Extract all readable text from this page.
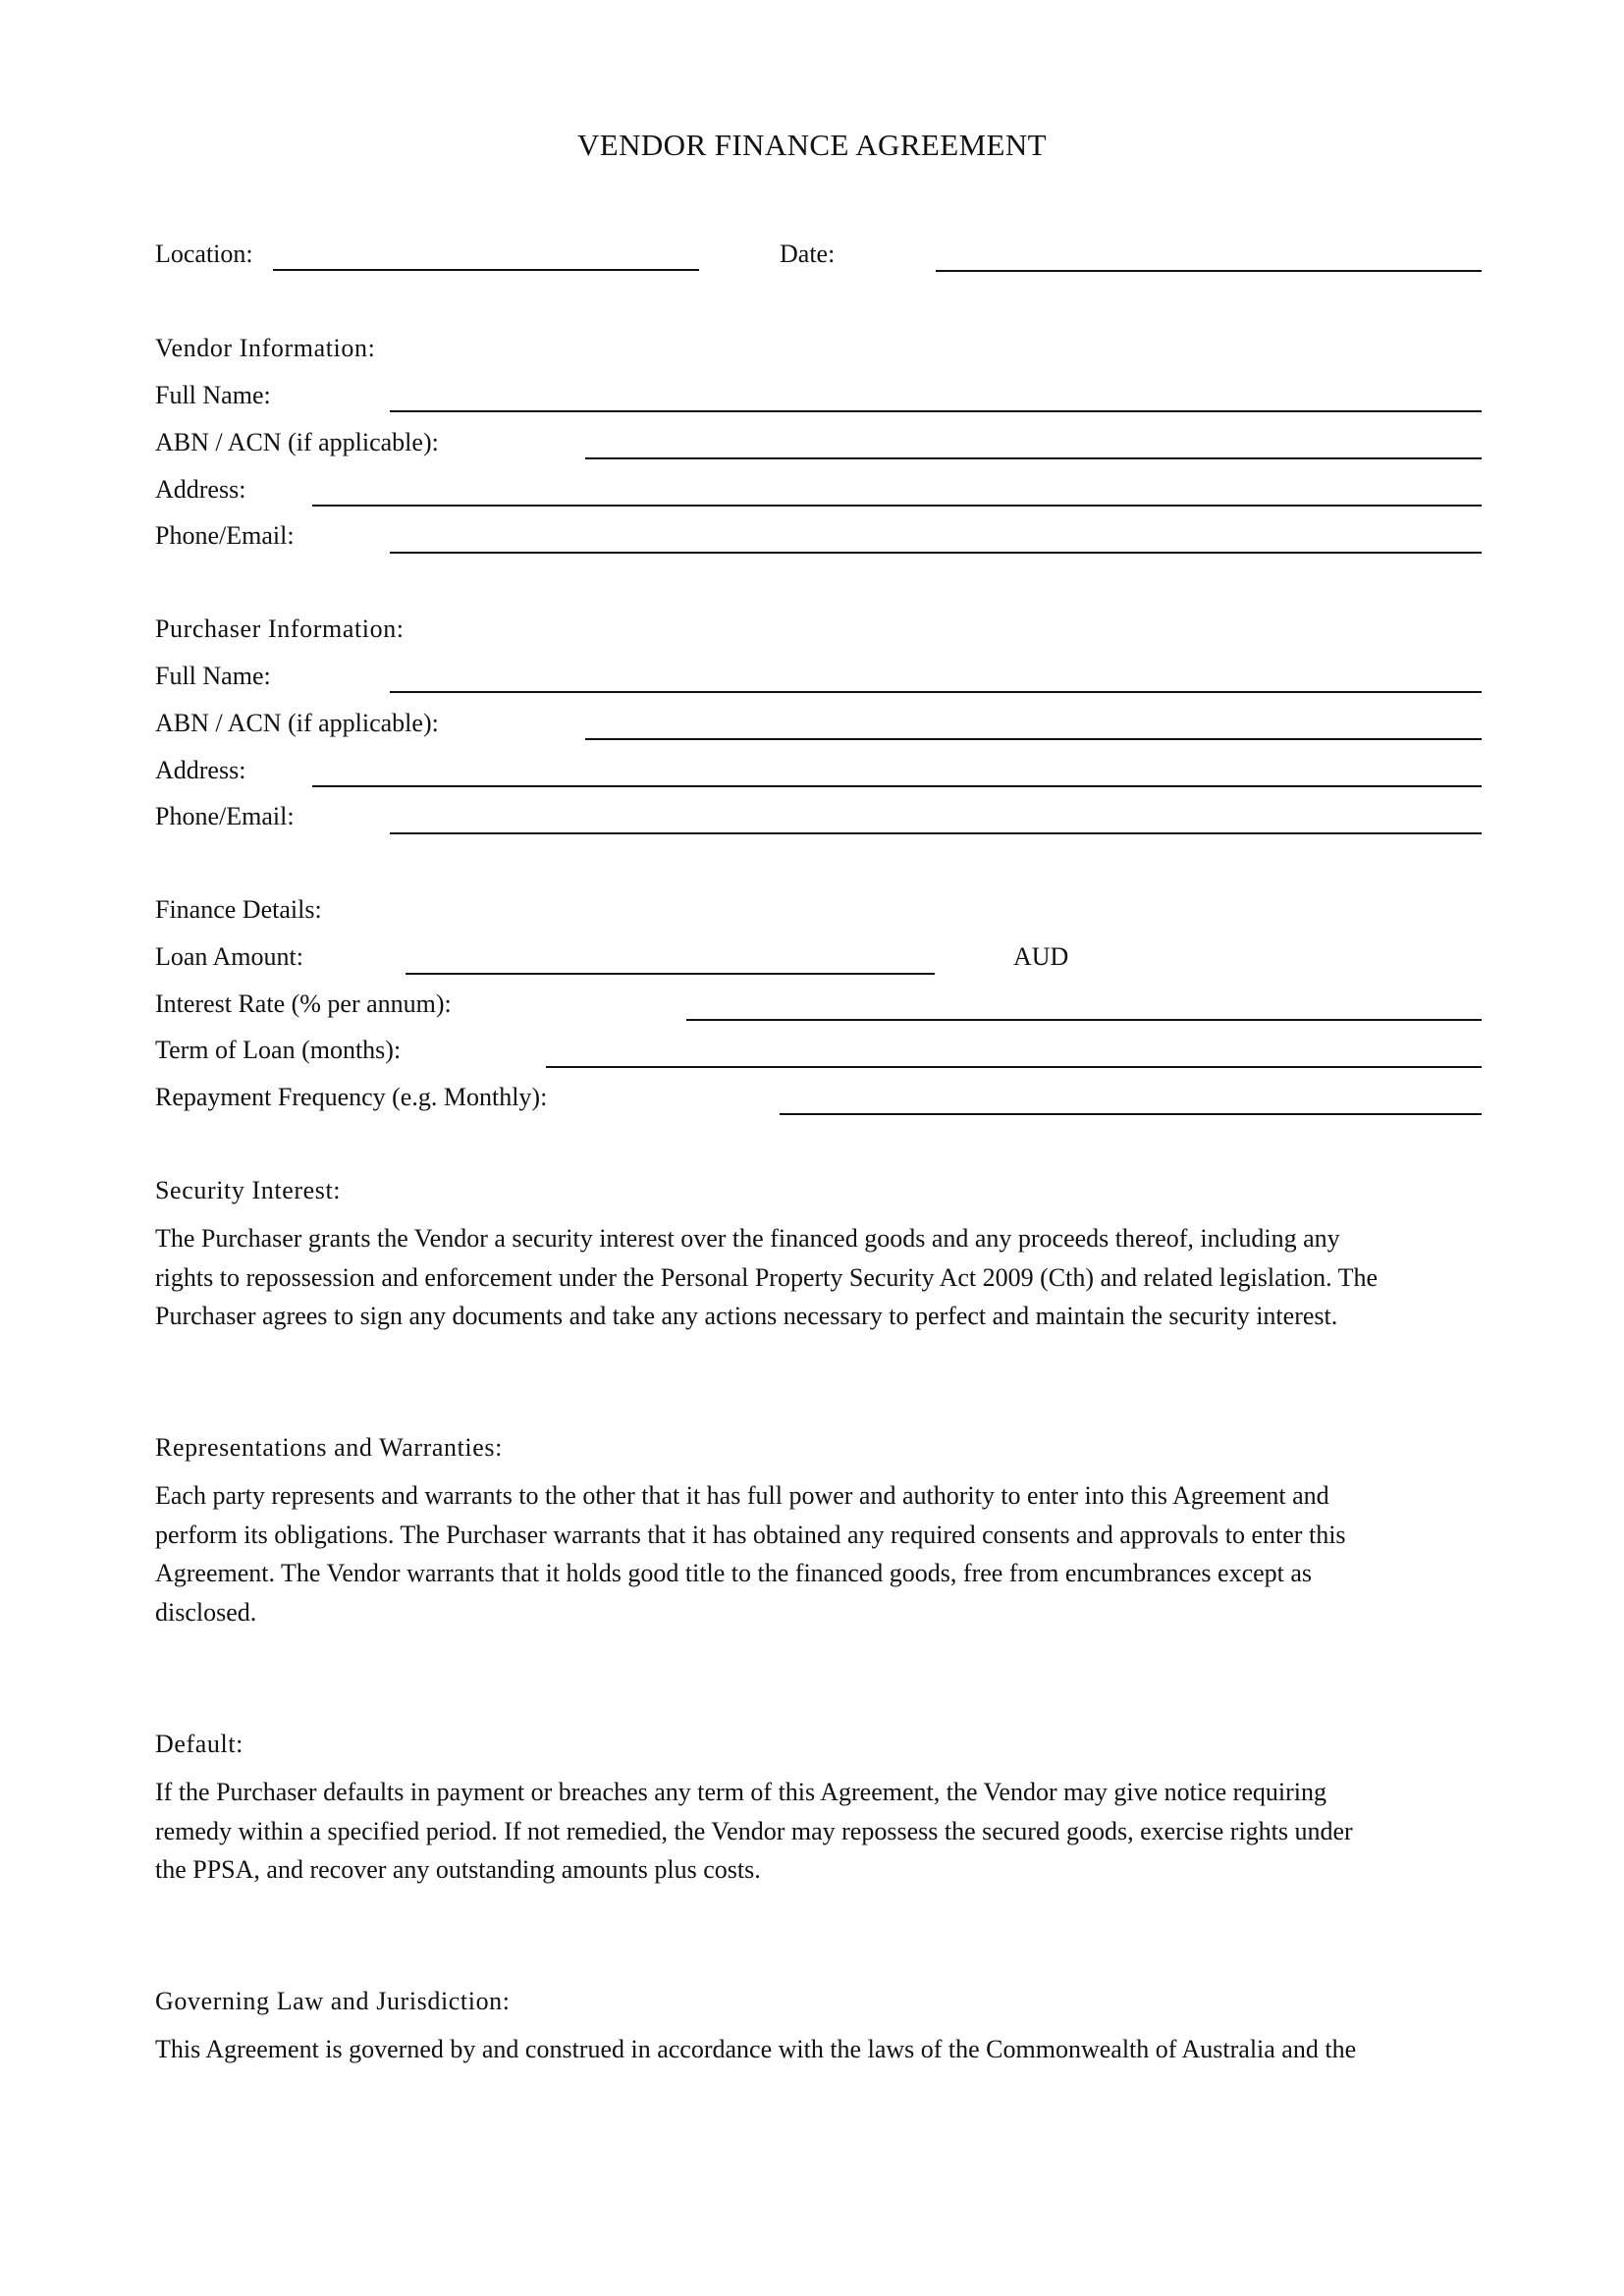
VENDOR FINANCE AGREEMENT
Location:	Date:
Vendor Information:
Full Name:
ABN / ACN (if applicable):
Address:
Phone/Email:
Purchaser Information:
Full Name:
ABN / ACN (if applicable):
Address:
Phone/Email:
Finance Details:
Loan Amount:	AUD
Interest Rate (% per annum):
Term of Loan (months):
Repayment Frequency (e.g. Monthly):
Security Interest:
The Purchaser grants the Vendor a security interest over the financed goods and any proceeds thereof, including any
rights to repossession and enforcement under the Personal Property Security Act 2009 (Cth) and related legislation. The
Purchaser agrees to sign any documents and take any actions necessary to perfect and maintain the security interest.
Representations and Warranties:
Each party represents and warrants to the other that it has full power and authority to enter into this Agreement and
perform its obligations. The Purchaser warrants that it has obtained any required consents and approvals to enter this
Agreement. The Vendor warrants that it holds good title to the financed goods, free from encumbrances except as
disclosed.
Default:
If the Purchaser defaults in payment or breaches any term of this Agreement, the Vendor may give notice requiring
remedy within a specified period. If not remedied, the Vendor may repossess the secured goods, exercise rights under
the PPSA, and recover any outstanding amounts plus costs.
Governing Law and Jurisdiction:
This Agreement is governed by and construed in accordance with the laws of the Commonwealth of Australia and the
